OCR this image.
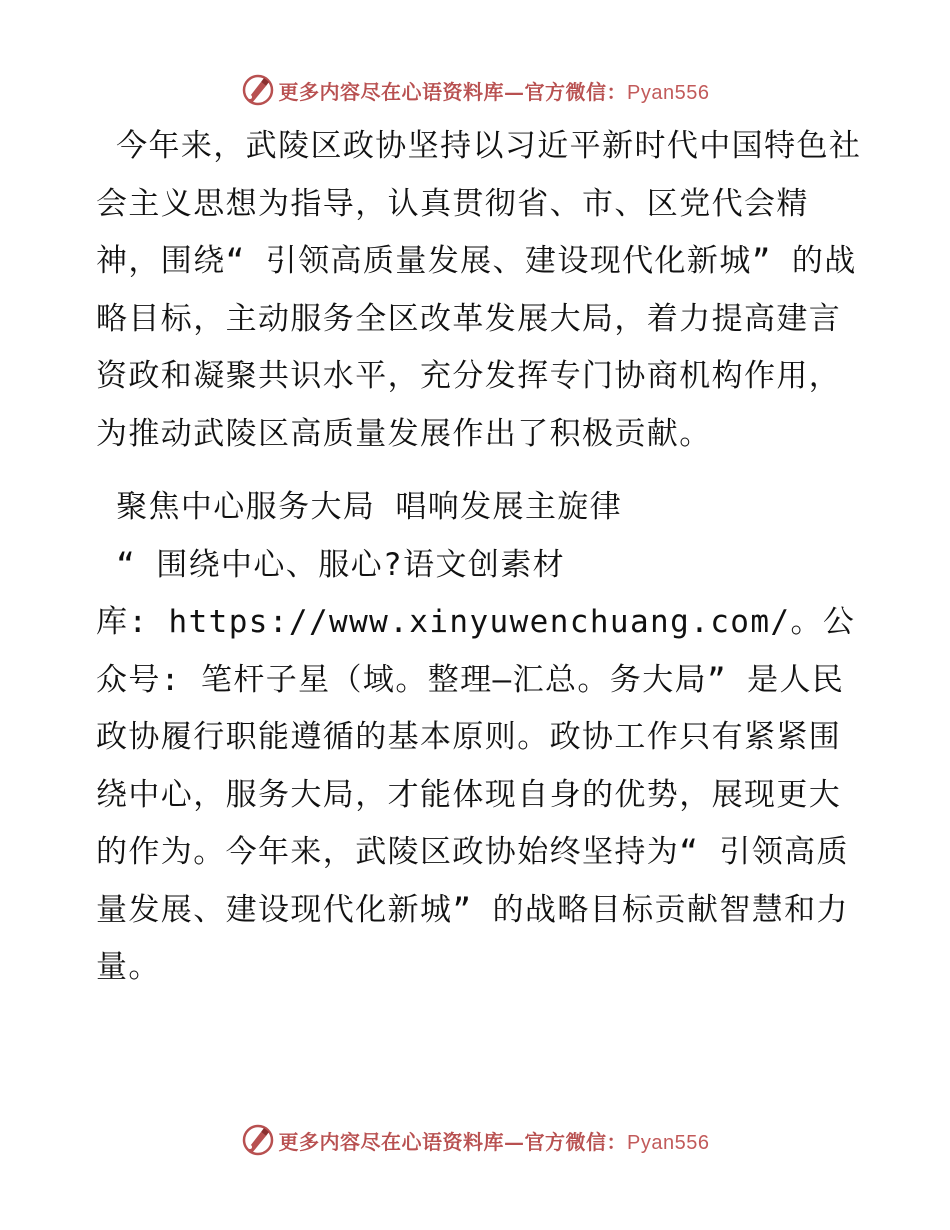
更多内容尽在心语资料库—官方微信：Pyan556

今年来，武陵区政协坚持以习近平新时代中国特色社会主义思想为指导，认真贯彻省、市、区党代会精神，围绕“ 引领高质量发展、建设现代化新城” 的战略目标，主动服务全区改革发展大局，着力提高建言资政和凝聚共识水平，充分发挥专门协商机构作用，为推动武陵区高质量发展作出了积极贡献。

聚焦中心服务大局 唱响发展主旋律

“ 围绕中心、服心?语文创素材

库: https://www.xinyuwenchuang.com/。公众号: 笔杆子星（域。整理—汇总。务大局” 是人民政协履行职能遵循的基本原则。政协工作只有紧紧围绕中心，服务大局，才能体现自身的优势，展现更大的作为。今年来，武陵区政协始终坚持为“ 引领高质量发展、建设现代化新城” 的战略目标贡献智慧和力量。

更多内容尽在心语资料库—官方微信：Pyan556
